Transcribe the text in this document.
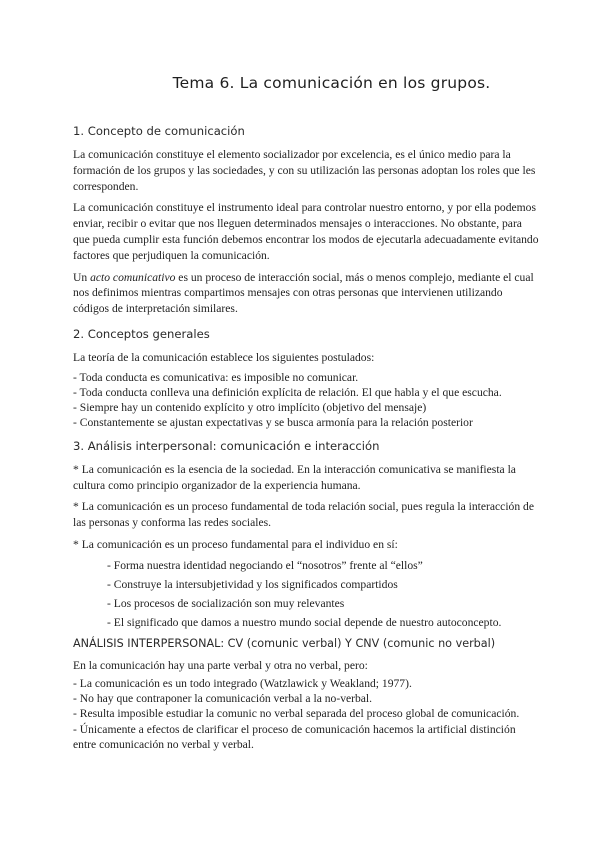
Tema 6. La comunicación en los grupos.
1. Concepto de comunicación

La comunicación constituye el elemento socializador por excelencia, es el único medio para la formación de los grupos y las sociedades, y con su utilización las personas adoptan los roles que les corresponden.

La comunicación constituye el instrumento ideal para controlar nuestro entorno, y por ella podemos enviar, recibir o evitar que nos lleguen determinados mensajes o interacciones. No obstante, para que pueda cumplir esta función debemos encontrar los modos de ejecutarla adecuadamente evitando factores que perjudiquen la comunicación.

Un acto comunicativo es un proceso de interacción social, más o menos complejo, mediante el cual nos definimos mientras compartimos mensajes con otras personas que intervienen utilizando códigos de interpretación similares.

2. Conceptos generales

La teoría de la comunicación establece los siguientes postulados:

- Toda conducta es comunicativa: es imposible no comunicar.
- Toda conducta conlleva una definición explícita de relación. El que habla y el que escucha.
- Siempre hay un contenido explícito y otro implícito (objetivo del mensaje)
- Constantemente se ajustan expectativas y se busca armonía para la relación posterior
3. Análisis interpersonal: comunicación e interacción

* La comunicación es la esencia de la sociedad. En la interacción comunicativa se manifiesta la cultura como principio organizador de la experiencia humana.

* La comunicación es un proceso fundamental de toda relación social, pues regula la interacción de las personas y conforma las redes sociales.

* La comunicación es un proceso fundamental para el individuo en sí:

- Forma nuestra identidad negociando el “nosotros” frente al “ellos”
- Construye la intersubjetividad y los significados compartidos
- Los procesos de socialización son muy relevantes
- El significado que damos a nuestro mundo social depende de nuestro autoconcepto.
ANÁLISIS INTERPERSONAL: CV (comunic verbal) Y CNV (comunic no verbal)

En la comunicación hay una parte verbal y otra no verbal, pero:

- La comunicación es un todo integrado (Watzlawick y Weakland; 1977).
- No hay que contraponer la comunicación verbal a la no-verbal.
- Resulta imposible estudiar la comunic no verbal separada del proceso global de comunicación.
- Únicamente a efectos de clarificar el proceso de comunicación hacemos la artificial distinción entre comunicación no verbal y verbal.
